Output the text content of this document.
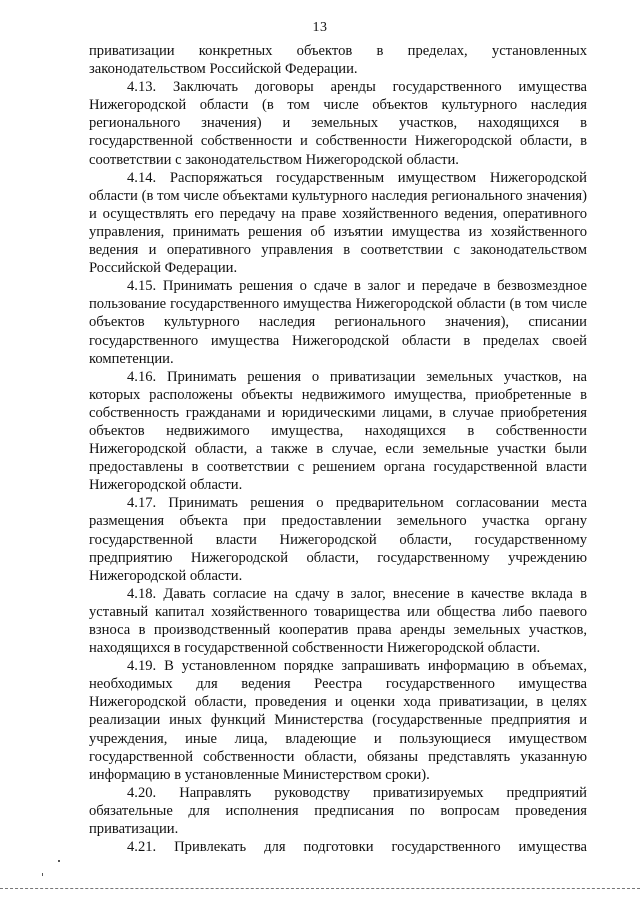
13

приватизации конкретных объектов в пределах, установленных законодательством Российской Федерации.

4.13. Заключать договоры аренды государственного имущества Нижегородской области (в том числе объектов культурного наследия регионального значения) и земельных участков, находящихся в государственной собственности и собственности Нижегородской области, в соответствии с законодательством Нижегородской области.

4.14. Распоряжаться государственным имуществом Нижегородской области (в том числе объектами культурного наследия регионального значения) и осуществлять его передачу на праве хозяйственного ведения, оперативного управления, принимать решения об изъятии имущества из хозяйственного ведения и оперативного управления в соответствии с законодательством Российской Федерации.

4.15. Принимать решения о сдаче в залог и передаче в безвозмездное пользование государственного имущества Нижегородской области (в том числе объектов культурного наследия регионального значения), списании государственного имущества Нижегородской области в пределах своей компетенции.

4.16. Принимать решения о приватизации земельных участков, на которых расположены объекты недвижимого имущества, приобретенные в собственность гражданами и юридическими лицами, в случае приобретения объектов недвижимого имущества, находящихся в собственности Нижегородской области, а также в случае, если земельные участки были предоставлены в соответствии с решением органа государственной власти Нижегородской области.

4.17. Принимать решения о предварительном согласовании места размещения объекта при предоставлении земельного участка органу государственной власти Нижегородской области, государственному предприятию Нижегородской области, государственному учреждению Нижегородской области.

4.18. Давать согласие на сдачу в залог, внесение в качестве вклада в уставный капитал хозяйственного товарищества или общества либо паевого взноса в производственный кооператив права аренды земельных участков, находящихся в государственной собственности Нижегородской области.

4.19. В установленном порядке запрашивать информацию в объемах, необходимых для ведения Реестра государственного имущества Нижегородской области, проведения и оценки хода приватизации, в целях реализации иных функций Министерства (государственные предприятия и учреждения, иные лица, владеющие и пользующиеся имуществом государственной собственности области, обязаны представлять указанную информацию в установленные Министерством сроки).

4.20. Направлять руководству приватизируемых предприятий обязательные для исполнения предписания по вопросам проведения приватизации.

4.21. Привлекать для подготовки государственного имущества
